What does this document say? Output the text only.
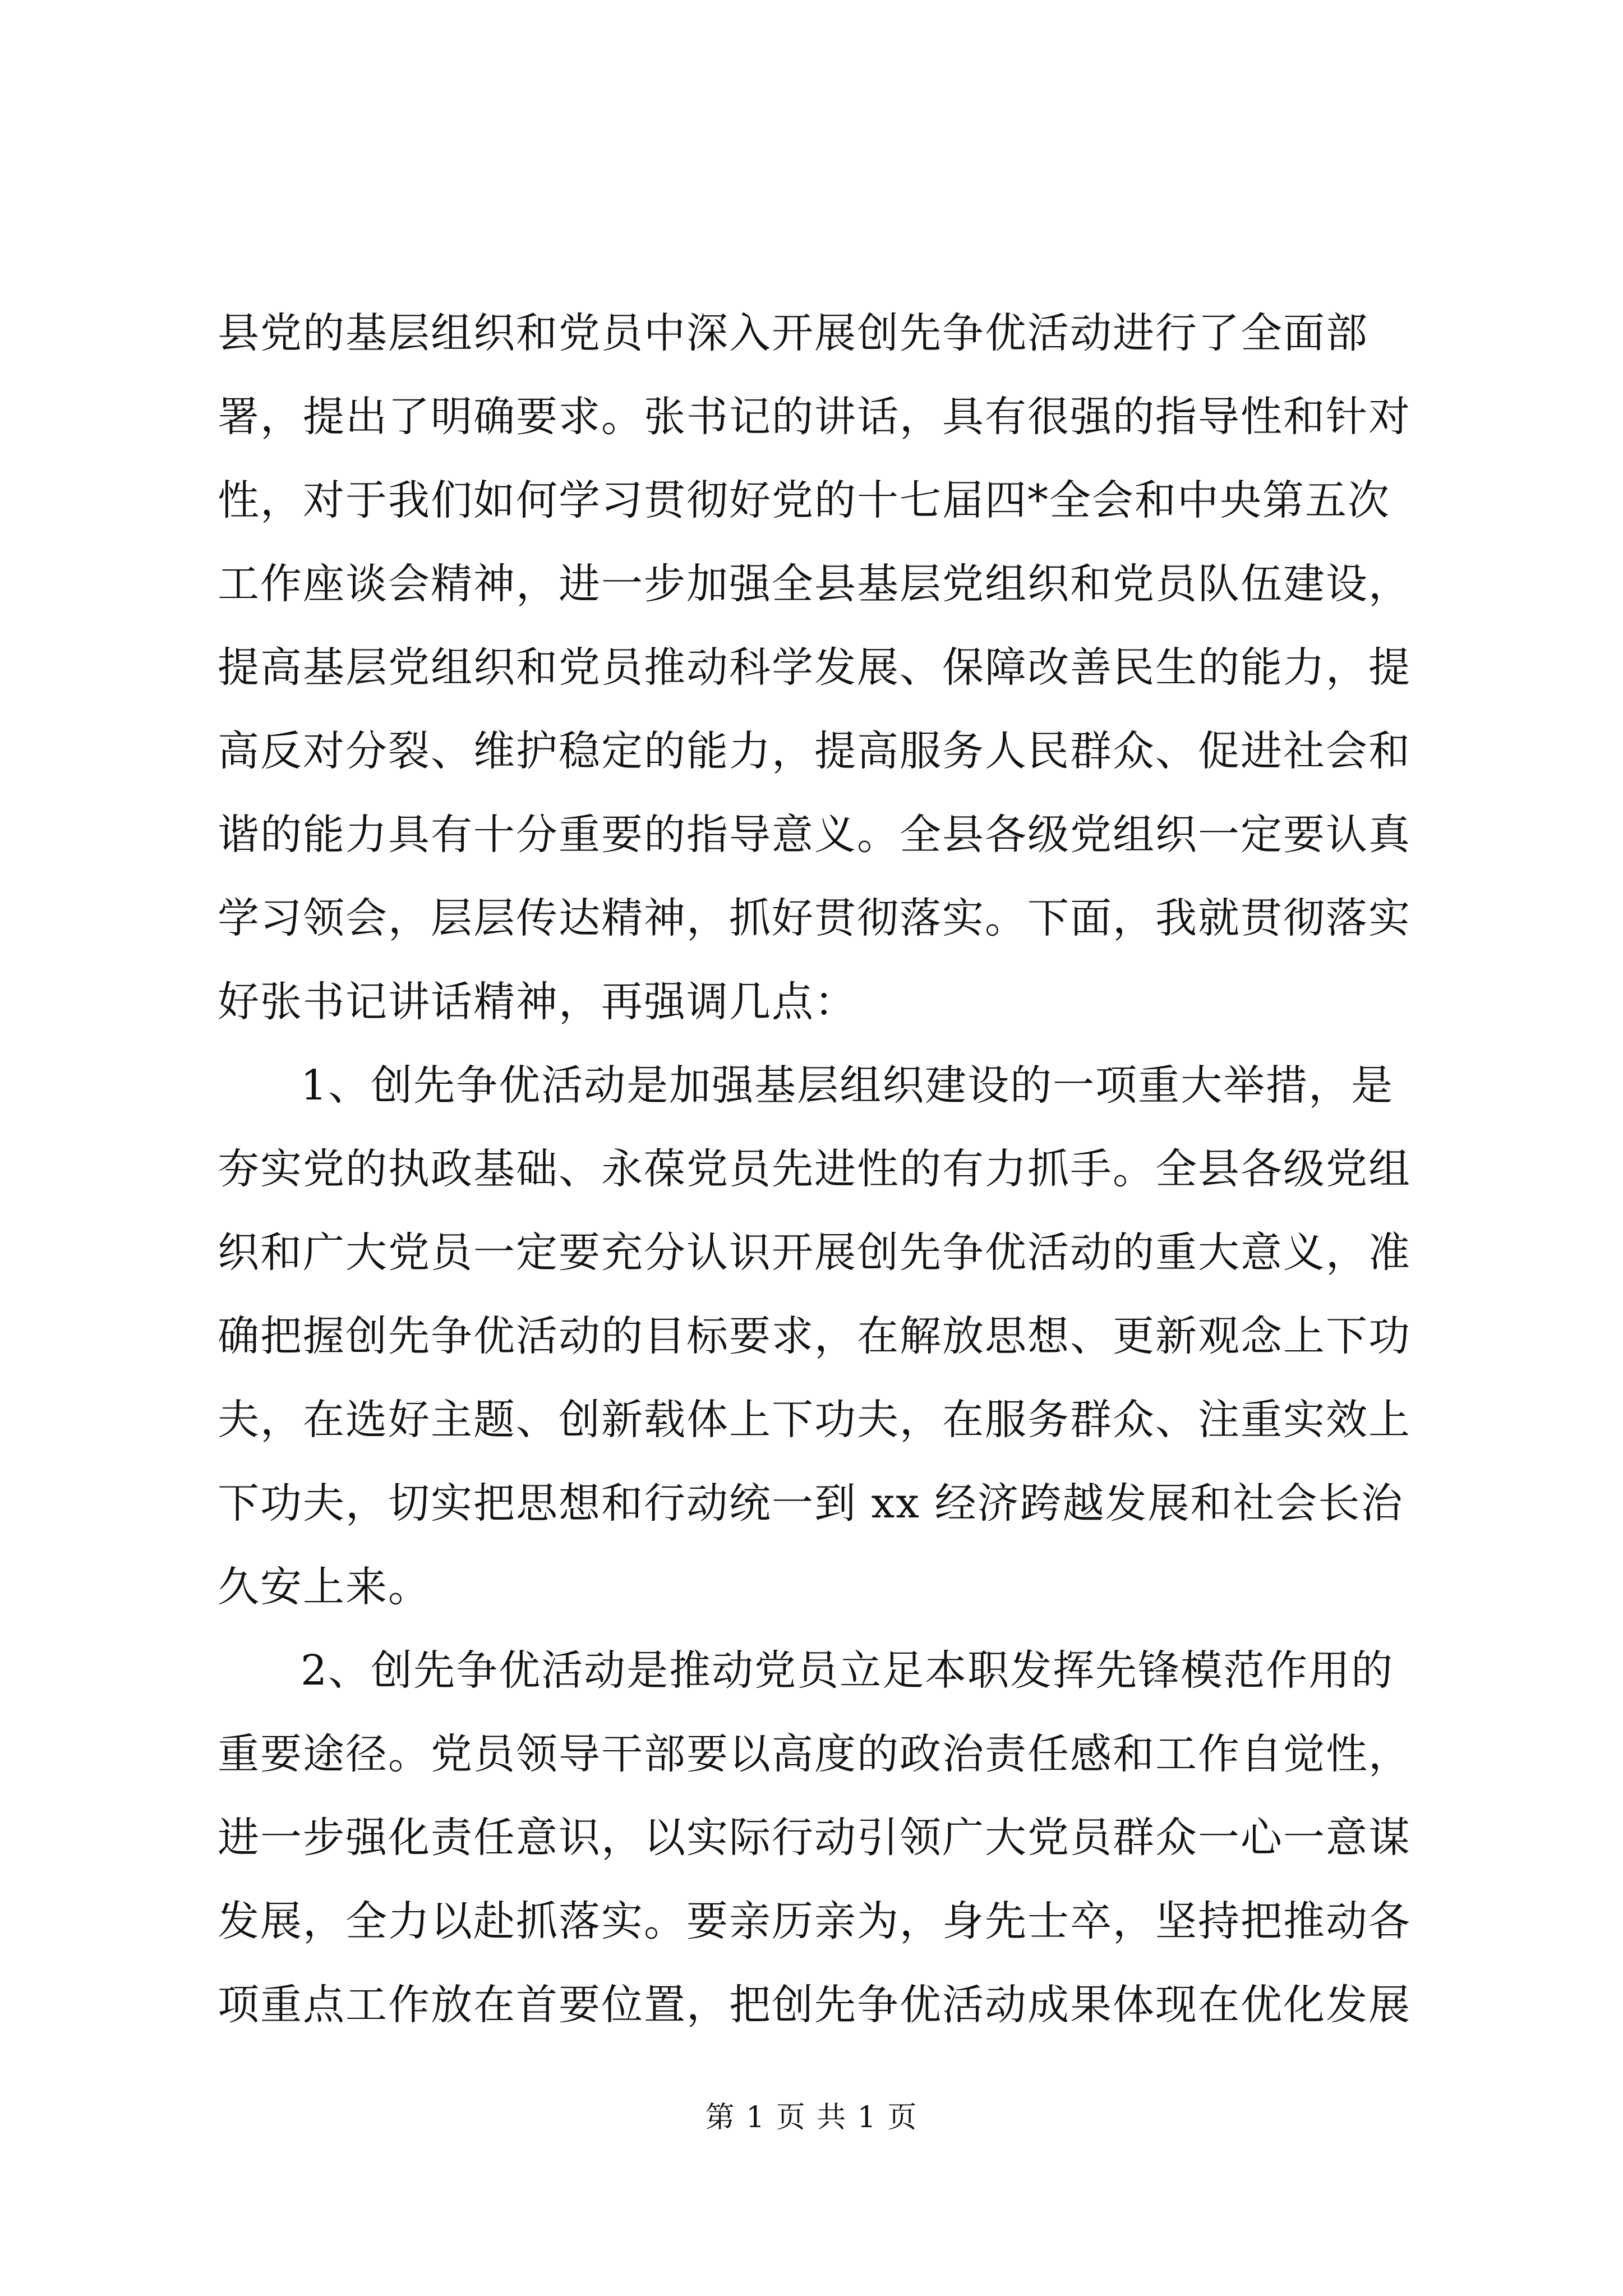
县党的基层组织和党员中深入开展创先争优活动进行了全面部
署，提出了明确要求。张书记的讲话，具有很强的指导性和针对
性，对于我们如何学习贯彻好党的十七届四*全会和中央第五次
工作座谈会精神，进一步加强全县基层党组织和党员队伍建设，
提高基层党组织和党员推动科学发展、保障改善民生的能力，提
高反对分裂、维护稳定的能力，提高服务人民群众、促进社会和
谐的能力具有十分重要的指导意义。全县各级党组织一定要认真
学习领会，层层传达精神，抓好贯彻落实。下面，我就贯彻落实
好张书记讲话精神，再强调几点：
1、创先争优活动是加强基层组织建设的一项重大举措，是
夯实党的执政基础、永葆党员先进性的有力抓手。全县各级党组
织和广大党员一定要充分认识开展创先争优活动的重大意义，准
确把握创先争优活动的目标要求，在解放思想、更新观念上下功
夫，在选好主题、创新载体上下功夫，在服务群众、注重实效上
下功夫，切实把思想和行动统一到 xx 经济跨越发展和社会长治
久安上来。
2、创先争优活动是推动党员立足本职发挥先锋模范作用的
重要途径。党员领导干部要以高度的政治责任感和工作自觉性，
进一步强化责任意识，以实际行动引领广大党员群众一心一意谋
发展，全力以赴抓落实。要亲历亲为，身先士卒，坚持把推动各
项重点工作放在首要位置，把创先争优活动成果体现在优化发展
第 1 页 共 1 页
